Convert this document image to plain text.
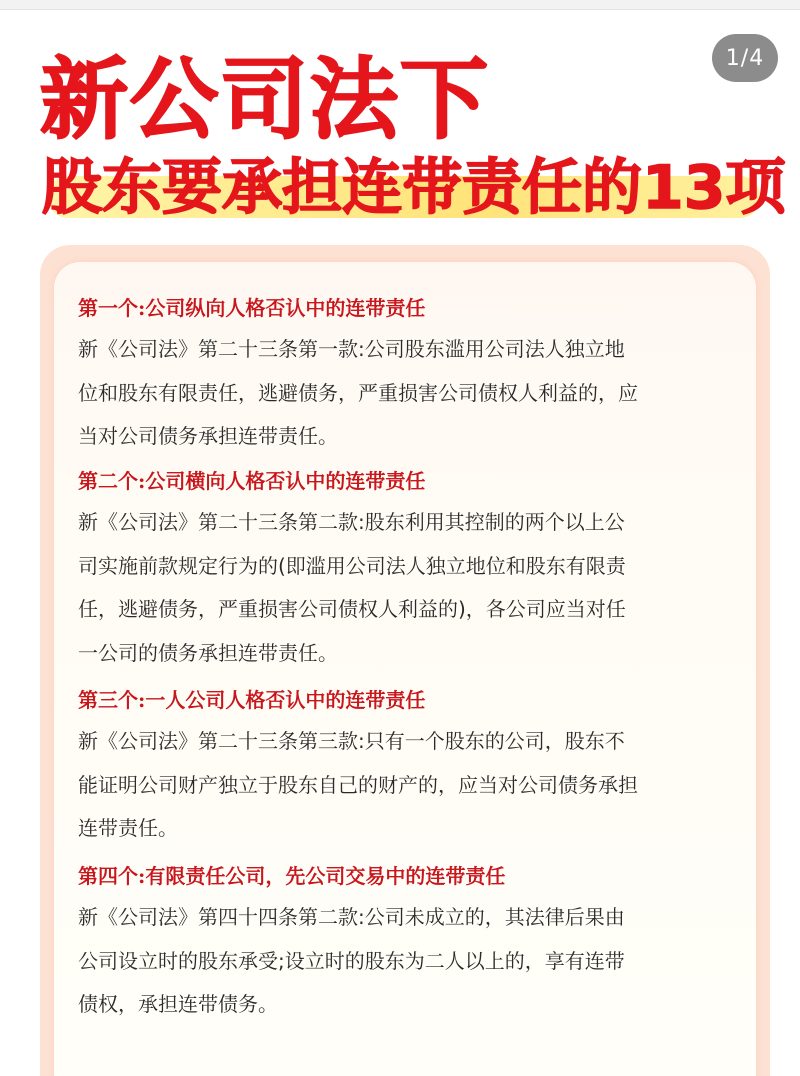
1/4
新公司法下
股东要承担连带责任的13项
第一个:公司纵向人格否认中的连带责任
新《公司法》第二十三条第一款:公司股东滥用公司法人独立地
位和股东有限责任，逃避债务，严重损害公司债权人利益的，应
当对公司债务承担连带责任。
第二个:公司横向人格否认中的连带责任
新《公司法》第二十三条第二款:股东利用其控制的两个以上公
司实施前款规定行为的(即滥用公司法人独立地位和股东有限责
任，逃避债务，严重损害公司债权人利益的)，各公司应当对任
一公司的债务承担连带责任。
第三个:一人公司人格否认中的连带责任
新《公司法》第二十三条第三款:只有一个股东的公司，股东不
能证明公司财产独立于股东自己的财产的，应当对公司债务承担
连带责任。
第四个:有限责任公司，先公司交易中的连带责任
新《公司法》第四十四条第二款:公司未成立的，其法律后果由
公司设立时的股东承受;设立时的股东为二人以上的，享有连带
债权，承担连带债务。
